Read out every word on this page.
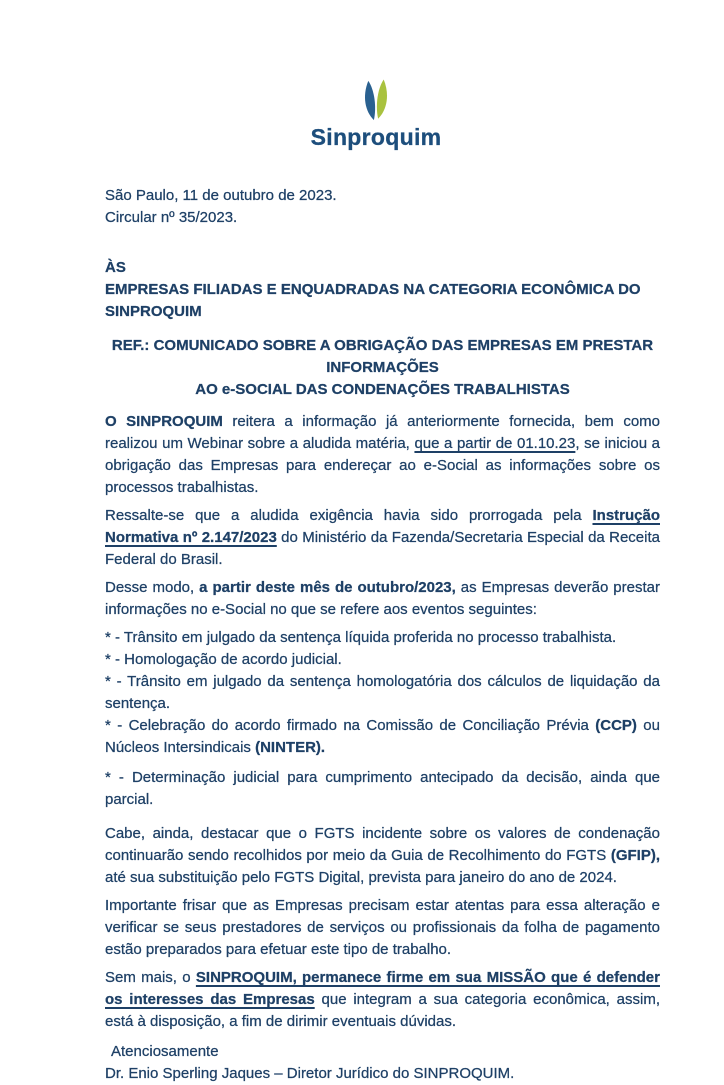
Sinproquim

São Paulo, 11 de outubro de 2023.

Circular nº 35/2023.

ÀS

EMPRESAS FILIADAS E ENQUADRADAS NA CATEGORIA ECONÔMICA DO SINPROQUIM

REF.: COMUNICADO SOBRE A OBRIGAÇÃO DAS EMPRESAS EM PRESTAR INFORMAÇÕES

AO e-SOCIAL DAS CONDENAÇÕES TRABALHISTAS

O SINPROQUIM reitera a informação já anteriormente fornecida, bem como realizou um Webinar sobre a aludida matéria, que a partir de 01.10.23, se iniciou a obrigação das Empresas para endereçar ao e-Social as informações sobre os processos trabalhistas.

Ressalte-se que a aludida exigência havia sido prorrogada pela Instrução Normativa nº 2.147/2023 do Ministério da Fazenda/Secretaria Especial da Receita Federal do Brasil.

Desse modo, a partir deste mês de outubro/2023, as Empresas deverão prestar informações no e-Social no que se refere aos eventos seguintes:

* - Trânsito em julgado da sentença líquida proferida no processo trabalhista.

* - Homologação de acordo judicial.

* - Trânsito em julgado da sentença homologatória dos cálculos de liquidação da sentença.

* - Celebração do acordo firmado na Comissão de Conciliação Prévia (CCP) ou Núcleos Intersindicais (NINTER).

* - Determinação judicial para cumprimento antecipado da decisão, ainda que parcial.

Cabe, ainda, destacar que o FGTS incidente sobre os valores de condenação continuarão sendo recolhidos por meio da Guia de Recolhimento do FGTS (GFIP), até sua substituição pelo FGTS Digital, prevista para janeiro do ano de 2024.

Importante frisar que as Empresas precisam estar atentas para essa alteração e verificar se seus prestadores de serviços ou profissionais da folha de pagamento estão preparados para efetuar este tipo de trabalho.

Sem mais, o SINPROQUIM, permanece firme em sua MISSÃO que é defender os interesses das Empresas que integram a sua categoria econômica, assim, está à disposição, a fim de dirimir eventuais dúvidas.

Atenciosamente

Dr. Enio Sperling Jaques – Diretor Jurídico do SINPROQUIM.
